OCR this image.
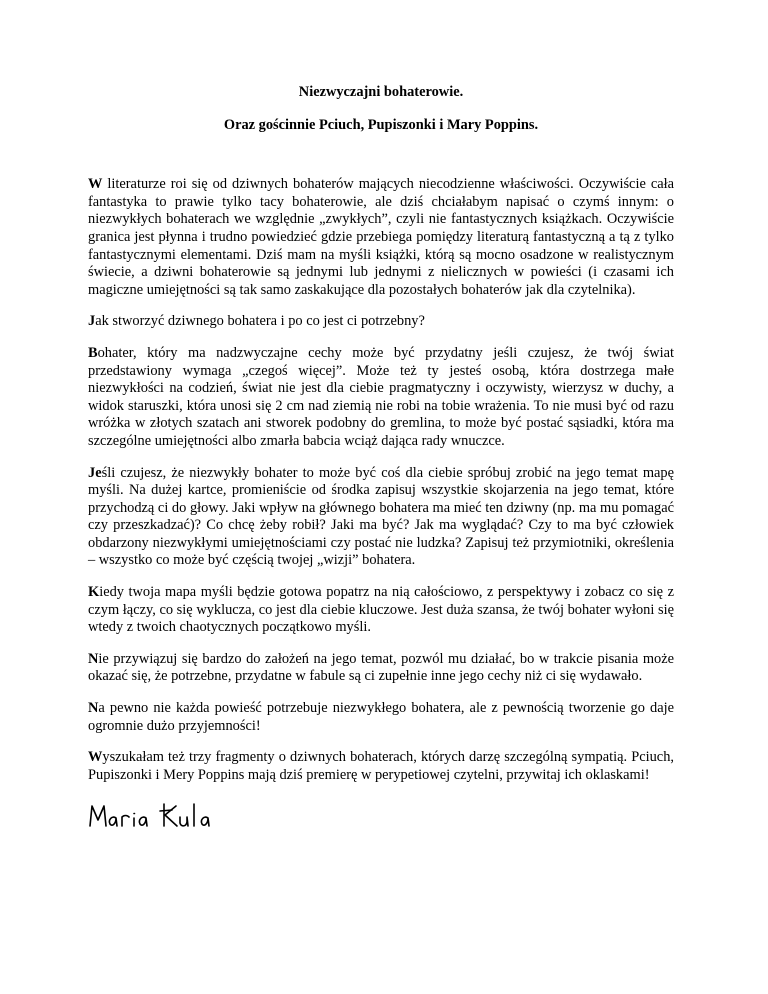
Niezwyczajni bohaterowie.

Oraz gościnnie Pciuch, Pupiszonki i Mary Poppins.

W literaturze roi się od dziwnych bohaterów mających niecodzienne właściwości. Oczywiście cała fantastyka to prawie tylko tacy bohaterowie, ale dziś chciałabym napisać o czymś innym: o niezwykłych bohaterach we względnie „zwykłych”, czyli nie fantastycznych książkach. Oczywiście granica jest płynna i trudno powiedzieć gdzie przebiega pomiędzy literaturą fantastyczną a tą z tylko fantastycznymi elementami. Dziś mam na myśli książki, którą są mocno osadzone w realistycznym świecie, a dziwni bohaterowie są jednymi lub jednymi z nielicznych w powieści (i czasami ich magiczne umiejętności są tak samo zaskakujące dla pozostałych bohaterów jak dla czytelnika).

Jak stworzyć dziwnego bohatera i po co jest ci potrzebny?

Bohater, który ma nadzwyczajne cechy może być przydatny jeśli czujesz, że twój świat przedstawiony wymaga „czegoś więcej”. Może też ty jesteś osobą, która dostrzega małe niezwykłości na codzień, świat nie jest dla ciebie pragmatyczny i oczywisty, wierzysz w duchy, a widok staruszki, która unosi się 2 cm nad ziemią nie robi na tobie wrażenia. To nie musi być od razu wróżka w złotych szatach ani stworek podobny do gremlina, to może być postać sąsiadki, która ma szczególne umiejętności albo zmarła babcia wciąż dająca rady wnuczce.

Jeśli czujesz, że niezwykły bohater to może być coś dla ciebie spróbuj zrobić na jego temat mapę myśli. Na dużej kartce, promieniście od środka zapisuj wszystkie skojarzenia na jego temat, które przychodzą ci do głowy. Jaki wpływ na głównego bohatera ma mieć ten dziwny (np. ma mu pomagać czy przeszkadzać)? Co chcę żeby robił? Jaki ma być? Jak ma wyglądać? Czy to ma być człowiek obdarzony niezwykłymi umiejętnościami czy postać nie ludzka? Zapisuj też przymiotniki, określenia – wszystko co może być częścią twojej „wizji” bohatera.

Kiedy twoja mapa myśli będzie gotowa popatrz na nią całościowo, z perspektywy i zobacz co się z czym łączy, co się wyklucza, co jest dla ciebie kluczowe. Jest duża szansa, że twój bohater wyłoni się wtedy z twoich chaotycznych początkowo myśli.

Nie przywiązuj się bardzo do założeń na jego temat, pozwól mu działać, bo w trakcie pisania może okazać się, że potrzebne, przydatne w fabule są ci zupełnie inne jego cechy niż ci się wydawało.

Na pewno nie każda powieść potrzebuje niezwykłego bohatera, ale z pewnością tworzenie go daje ogromnie dużo przyjemności!

Wyszukałam też trzy fragmenty o dziwnych bohaterach, których darzę szczególną sympatią. Pciuch, Pupiszonki i Mery Poppins mają dziś premierę w perypetiowej czytelni, przywitaj ich oklaskami!
